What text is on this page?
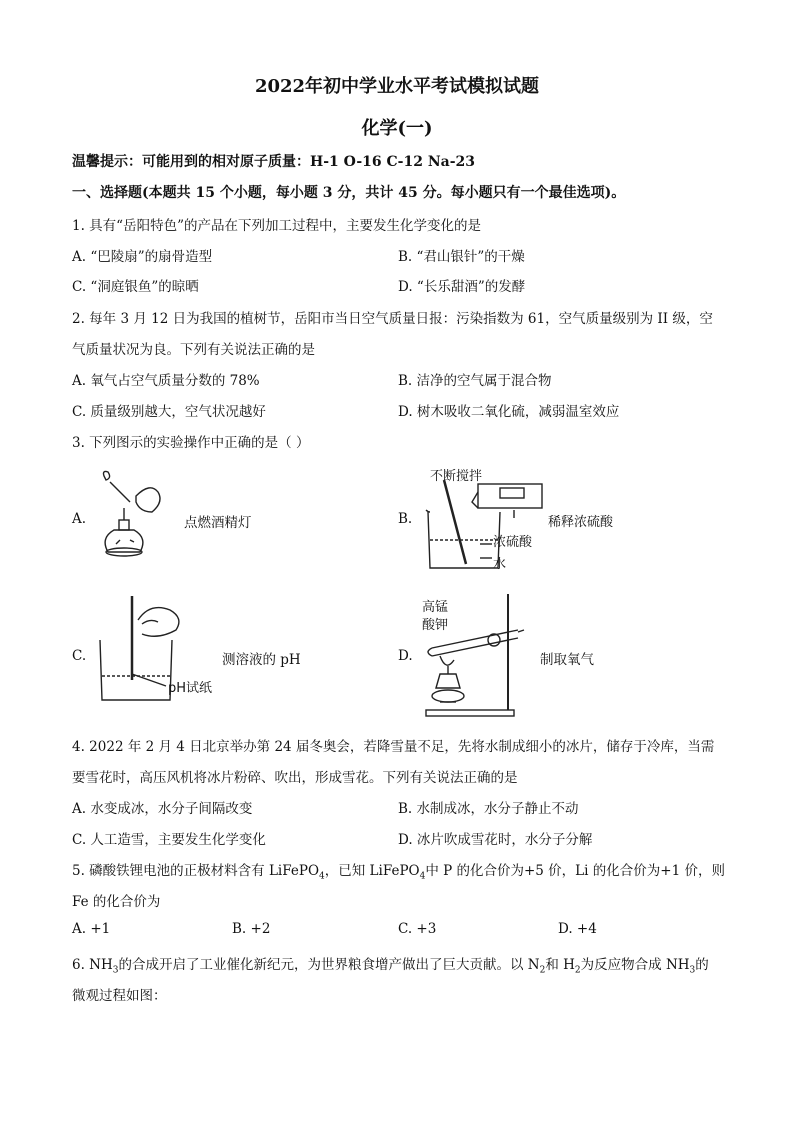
2022年初中学业水平考试模拟试题
化学(一)
温馨提示：可能用到的相对原子质量：H-1 O-16 C-12 Na-23
一、选择题(本题共 15 个小题，每小题 3 分，共计 45 分。每小题只有一个最佳选项)。
1. 具有“岳阳特色”的产品在下列加工过程中，主要发生化学变化的是
A. “巴陵扇”的扇骨造型	B. “君山银针”的干燥
C. “洞庭银鱼”的晾晒	D. “长乐甜酒”的发酵
2. 每年 3 月 12 日为我国的植树节，岳阳市当日空气质量日报：污染指数为 61，空气质量级别为 II 级，空
气质量状况为良。下列有关说法正确的是
A. 氧气占空气质量分数的 78%	B. 洁净的空气属于混合物
C. 质量级别越大，空气状况越好	D. 树木吸收二氧化硫，减弱温室效应
3. 下列图示的实验操作中正确的是（ ）
A.	点燃酒精灯	B.
不断搅拌
稀释浓硫酸
浓硫酸
水
C.
pH试纸
测溶液的 pH	D.
高锰
酸钾
制取氧气
4. 2022 年 2 月 4 日北京举办第 24 届冬奥会，若降雪量不足，先将水制成细小的冰片，储存于冷库，当需
要雪花时，高压风机将冰片粉碎、吹出，形成雪花。下列有关说法正确的是
A. 水变成冰，水分子间隔改变	B. 水制成冰，水分子静止不动
C. 人工造雪，主要发生化学变化	D. 冰片吹成雪花时，水分子分解
5. 磷酸铁锂电池的正极材料含有 LiFePO$_4$，已知 LiFePO$_4$中 P 的化合价为+5 价，Li 的化合价为+1 价，则
Fe 的化合价为
A. +1	B. +2	C. +3	D. +4
6. $NH_3$的合成开启了工业催化新纪元，为世界粮食增产做出了巨大贡献。以 $N_2$和 $H_2$为反应物合成 $NH_3$的
微观过程如图：
